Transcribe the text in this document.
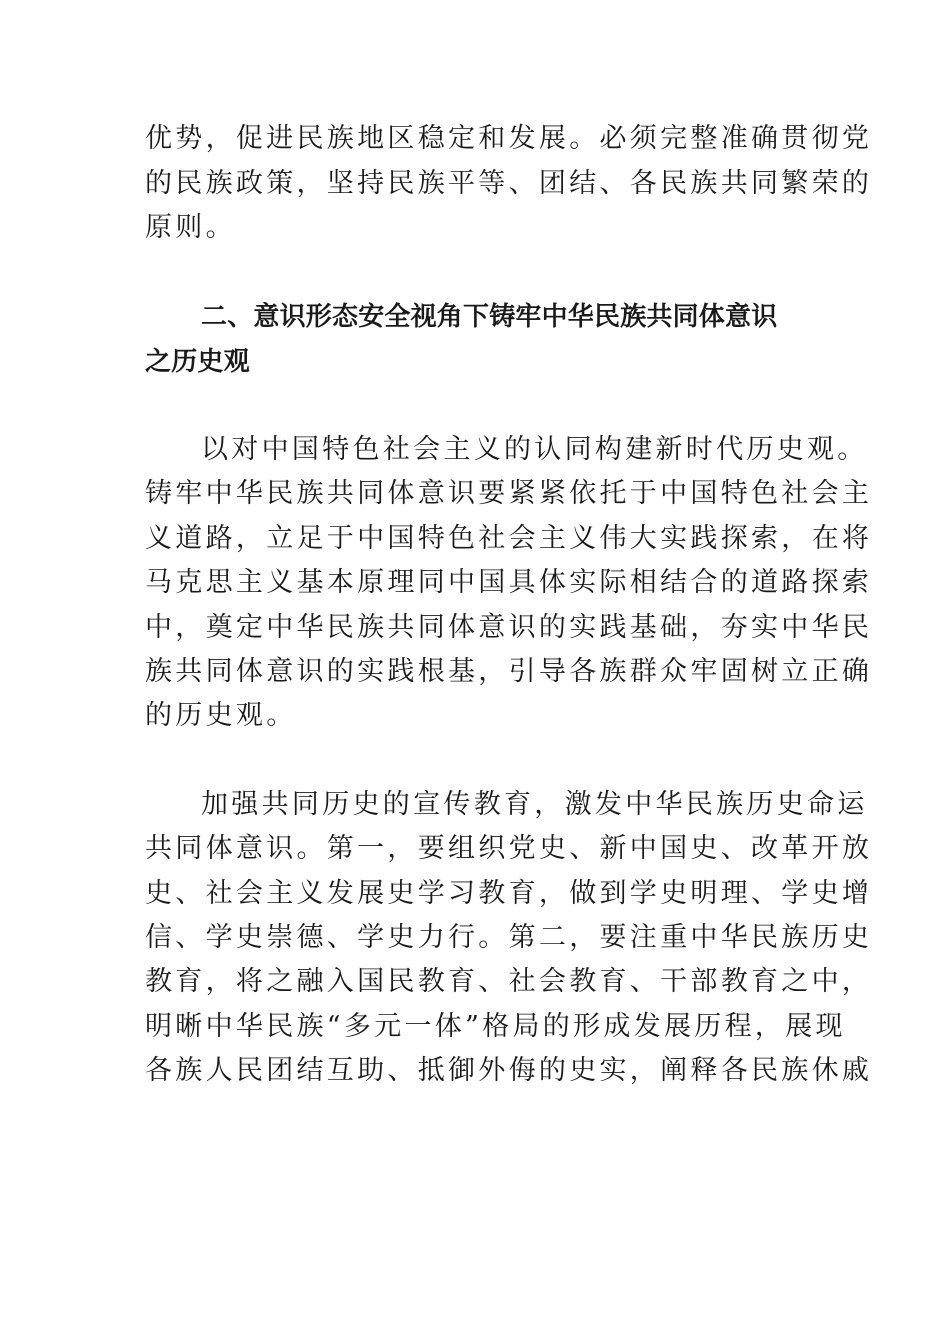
优势，促进民族地区稳定和发展。必须完整准确贯彻党
的民族政策，坚持民族平等、团结、各民族共同繁荣的
原则。
二、意识形态安全视角下铸牢中华民族共同体意识
之历史观
以对中国特色社会主义的认同构建新时代历史观。
铸牢中华民族共同体意识要紧紧依托于中国特色社会主
义道路，立足于中国特色社会主义伟大实践探索，在将
马克思主义基本原理同中国具体实际相结合的道路探索
中，奠定中华民族共同体意识的实践基础，夯实中华民
族共同体意识的实践根基，引导各族群众牢固树立正确
的历史观。
加强共同历史的宣传教育，激发中华民族历史命运
共同体意识。第一，要组织党史、新中国史、改革开放
史、社会主义发展史学习教育，做到学史明理、学史增
信、学史崇德、学史力行。第二，要注重中华民族历史
教育，将之融入国民教育、社会教育、干部教育之中，
明晰中华民族“多元一体”格局的形成发展历程，展现
各族人民团结互助、抵御外侮的史实，阐释各民族休戚
